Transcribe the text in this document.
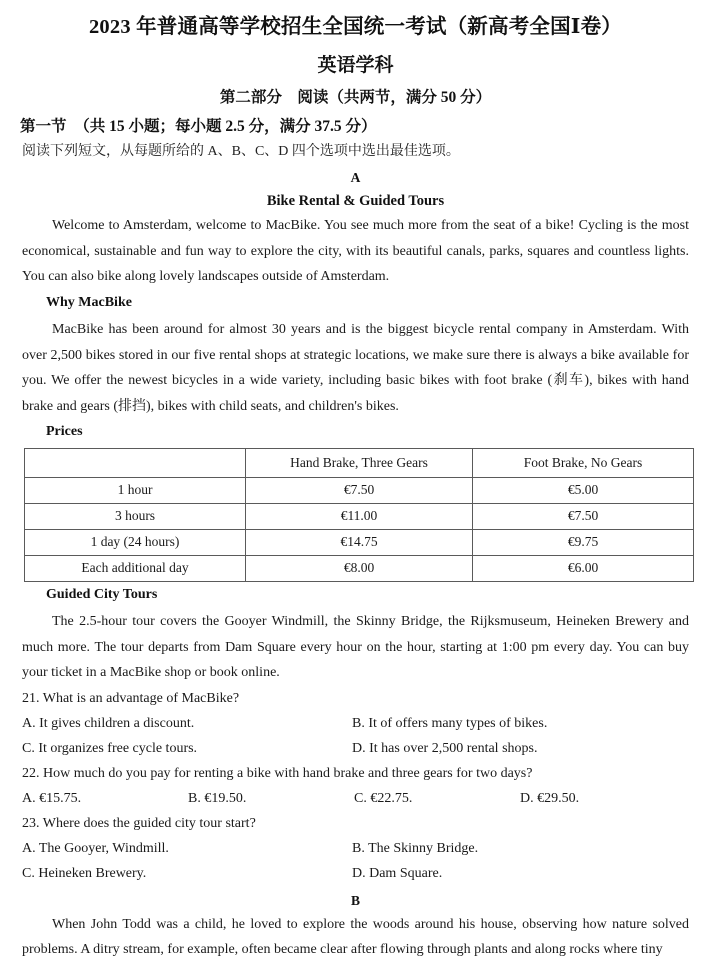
2023 年普通高等学校招生全国统一考试（新高考全国Ⅰ卷）
英语学科
第二部分　阅读（共两节，满分 50 分）
第一节　（共 15 小题；每小题 2.5 分，满分 37.5 分）
阅读下列短文，从每题所给的 A、B、C、D 四个选项中选出最佳选项。
A
Bike Rental & Guided Tours

Welcome to Amsterdam, welcome to MacBike. You see much more from the seat of a bike! Cycling is the most economical, sustainable and fun way to explore the city, with its beautiful canals, parks, squares and countless lights. You can also bike along lovely landscapes outside of Amsterdam.

Why MacBike

MacBike has been around for almost 30 years and is the biggest bicycle rental company in Amsterdam. With over 2,500 bikes stored in our five rental shops at strategic locations, we make sure there is always a bike available for you. We offer the newest bicycles in a wide variety, including basic bikes with foot brake (刹车), bikes with hand brake and gears (排挡), bikes with child seats, and children's bikes.

Prices
	Hand Brake, Three Gears	Foot Brake, No Gears
1 hour	€7.50	€5.00
3 hours	€11.00	€7.50
1 day (24 hours)	€14.75	€9.75
Each additional day	€8.00	€6.00
Guided City Tours

The 2.5-hour tour covers the Gooyer Windmill, the Skinny Bridge, the Rijksmuseum, Heineken Brewery and much more. The tour departs from Dam Square every hour on the hour, starting at 1:00 pm every day. You can buy your ticket in a MacBike shop or book online.

21. What is an advantage of MacBike?
A. It gives children a discount.	B. It of offers many types of bikes.
C. It organizes free cycle tours.	D. It has over 2,500 rental shops.
22. How much do you pay for renting a bike with hand brake and three gears for two days?
A. €15.75.	B. €19.50.	C. €22.75.	D. €29.50.
23. Where does the guided city tour start?
A. The Gooyer, Windmill.	B. The Skinny Bridge.
C. Heineken Brewery.	D. Dam Square.
B

When John Todd was a child, he loved to explore the woods around his house, observing how nature solved problems. A ditry stream, for example, often became clear after flowing through plants and along rocks where tiny
